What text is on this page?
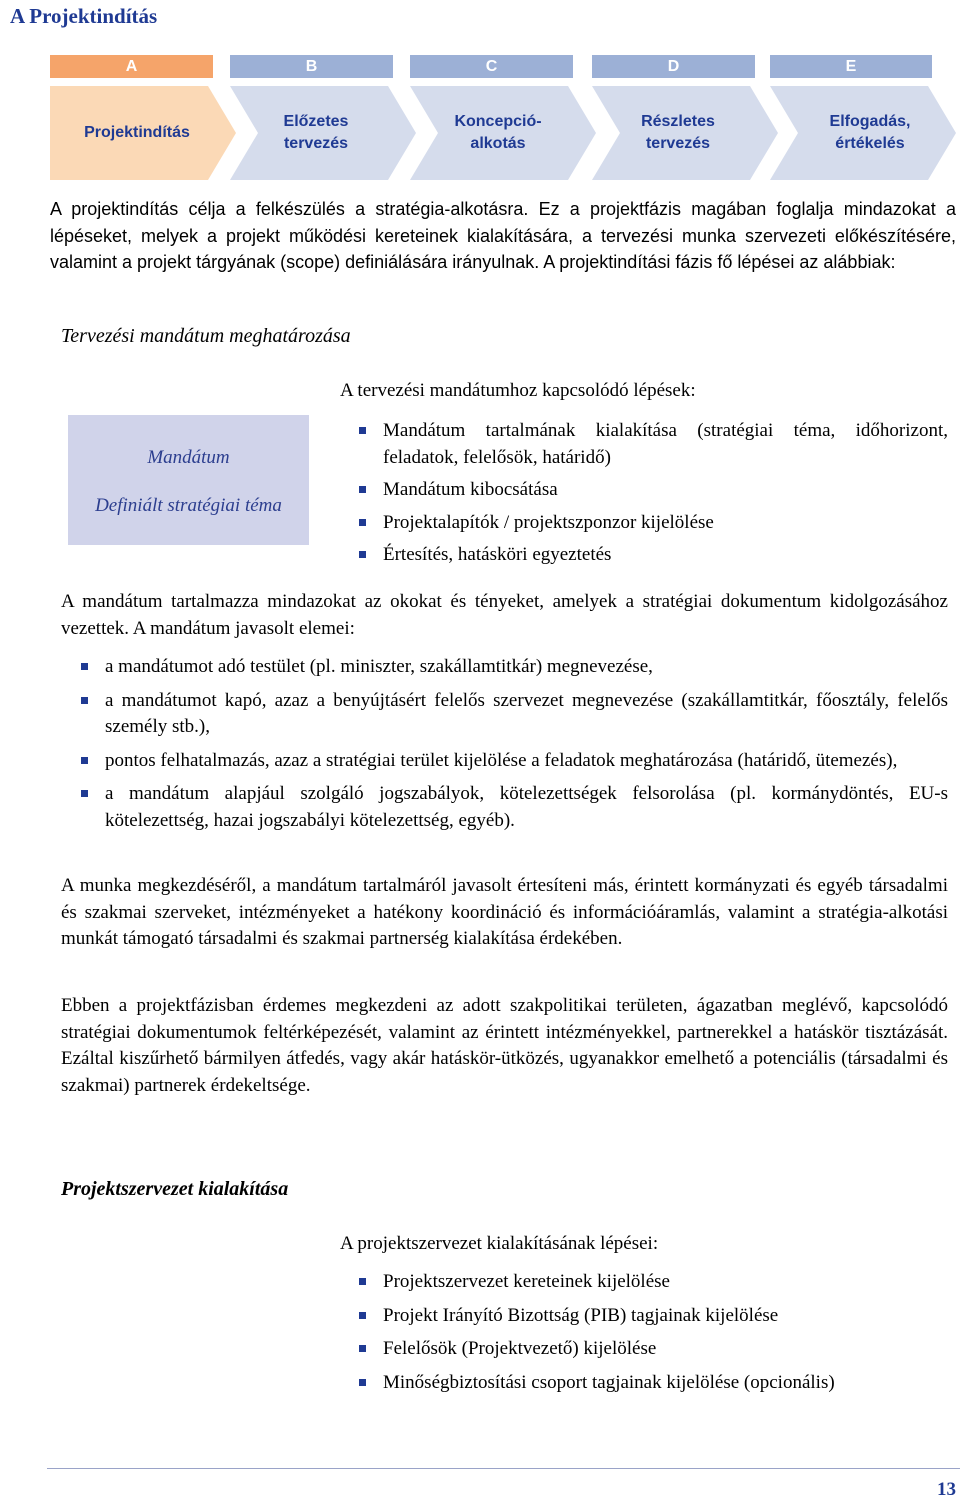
A Projektindítás
A	B	C	D	E
Projektindítás
Előzetes
tervezés
Koncepció-
alkotás
Részletes
tervezés
Elfogadás,
értékelés
A projektindítás célja a felkészülés a stratégia-alkotásra. Ez a projektfázis magában foglalja mindazokat a lépéseket, melyek a projekt működési kereteinek kialakítására, a tervezési munka szervezeti előkészítésére, valamint a projekt tárgyának (scope) definiálására irányulnak. A projektindítási fázis fő lépései az alábbiak:
Tervezési mandátum meghatározása
Mandátum
Definiált stratégiai téma
A tervezési mandátumhoz kapcsolódó lépések:
Mandátum tartalmának kialakítása (stratégiai téma, időhorizont, feladatok, felelősök, határidő)
Mandátum kibocsátása
Projektalapítók / projektszponzor kijelölése
Értesítés, hatásköri egyeztetés
A mandátum tartalmazza mindazokat az okokat és tényeket, amelyek a stratégiai dokumentum kidolgozásához vezettek. A mandátum javasolt elemei:
a mandátumot adó testület (pl. miniszter, szakállamtitkár) megnevezése,
a mandátumot kapó, azaz a benyújtásért felelős szervezet megnevezése (szakállamtitkár, főosztály, felelős személy stb.),
pontos felhatalmazás, azaz a stratégiai terület kijelölése a feladatok meghatározása (határidő, ütemezés),
a mandátum alapjául szolgáló jogszabályok, kötelezettségek felsorolása (pl. kormánydöntés, EU-s kötelezettség, hazai jogszabályi kötelezettség, egyéb).
A munka megkezdéséről, a mandátum tartalmáról javasolt értesíteni más, érintett kormányzati és egyéb társadalmi és szakmai szerveket, intézményeket a hatékony koordináció és információáramlás, valamint a stratégia-alkotási munkát támogató társadalmi és szakmai partnerség kialakítása érdekében.
Ebben a projektfázisban érdemes megkezdeni az adott szakpolitikai területen, ágazatban meglévő, kapcsolódó stratégiai dokumentumok feltérképezését, valamint az érintett intézményekkel, partnerekkel a hatáskör tisztázását. Ezáltal kiszűrhető bármilyen átfedés, vagy akár hatáskör-ütközés, ugyanakkor emelhető a potenciális (társadalmi és szakmai) partnerek érdekeltsége.
Projektszervezet kialakítása
A projektszervezet kialakításának lépései:
Projektszervezet kereteinek kijelölése
Projekt Irányító Bizottság (PIB) tagjainak kijelölése
Felelősök (Projektvezető) kijelölése
Minőségbiztosítási csoport tagjainak kijelölése (opcionális)
13
